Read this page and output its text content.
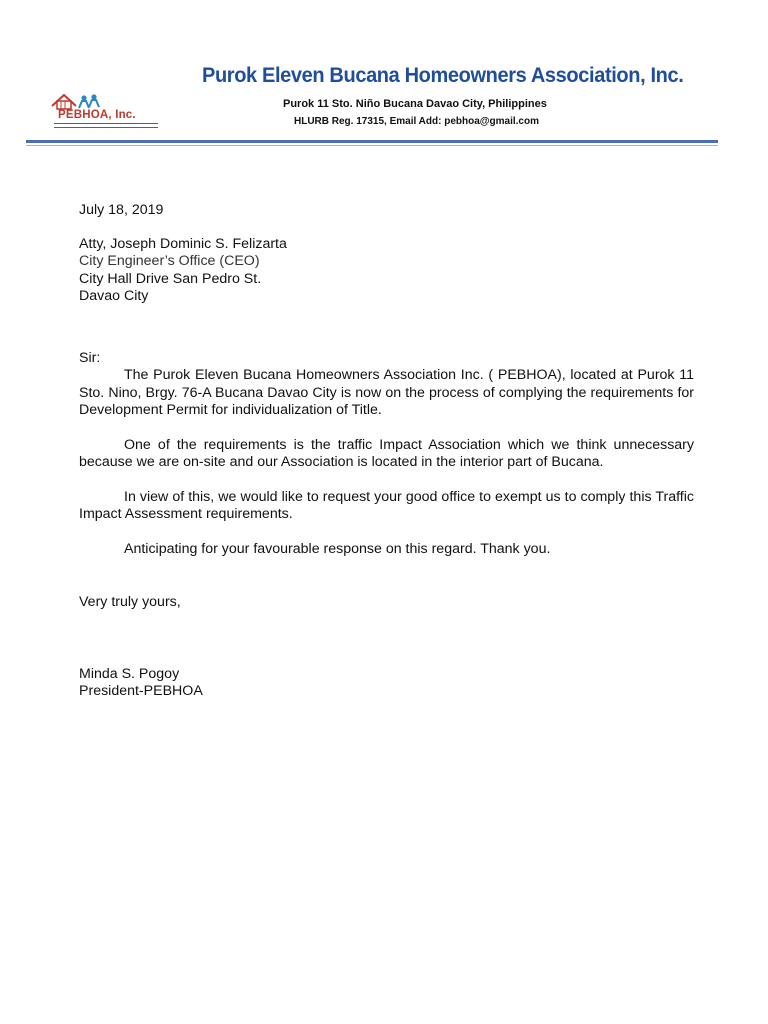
PEBHOA, Inc.
Purok Eleven Bucana Homeowners Association, Inc.
Purok 11 Sto. Niño Bucana Davao City, Philippines
HLURB Reg. 17315, Email Add: pebhoa@gmail.com

July 18, 2019

Atty, Joseph Dominic S. Felizarta

City Engineer’s Office (CEO)

City Hall Drive San Pedro St.

Davao City

Sir:

The Purok Eleven Bucana Homeowners Association Inc. ( PEBHOA), located at Purok 11 Sto. Nino, Brgy. 76-A Bucana Davao City is now on the process of complying the requirements for Development Permit for individualization of Title.

One of the requirements is the traffic Impact Association which we think unnecessary because we are on-site and our Association is located in the interior part of Bucana.

In view of this, we would like to request your good office to exempt us to comply this Traffic Impact Assessment requirements.

Anticipating for your favourable response on this regard. Thank you.

Very truly yours,

Minda S. Pogoy

President-PEBHOA
